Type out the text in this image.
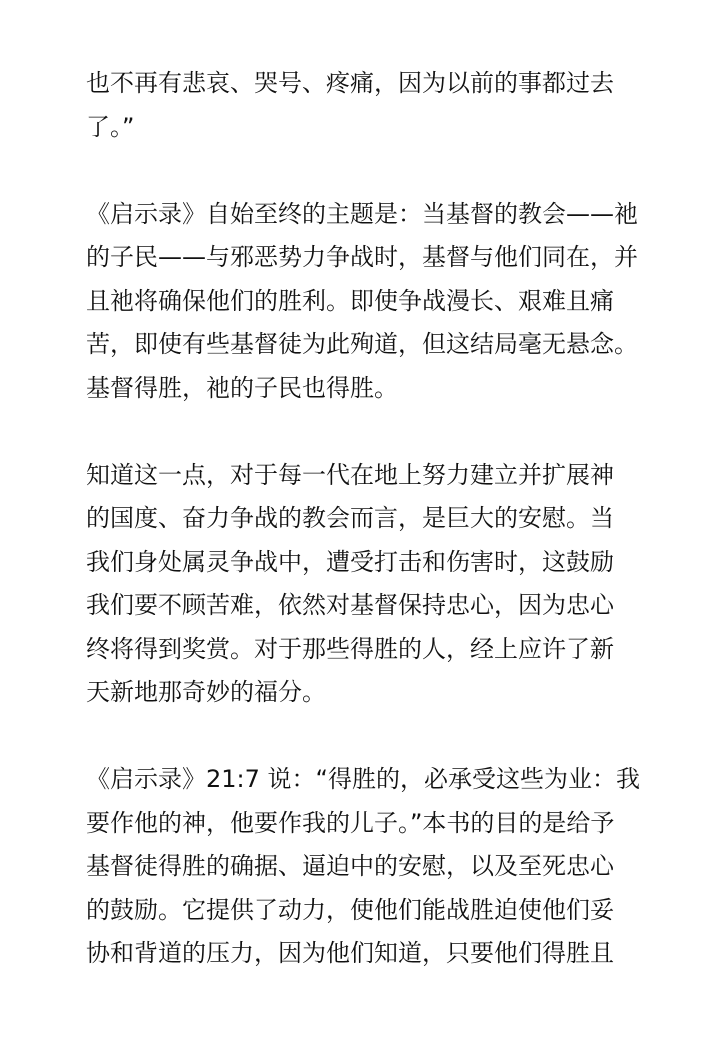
也不再有悲哀、哭号、疼痛，因为以前的事都过去
了。”

《启示录》自始至终的主题是：当基督的教会——祂
的子民——与邪恶势力争战时，基督与他们同在，并
且祂将确保他们的胜利。即使争战漫长、艰难且痛
苦，即使有些基督徒为此殉道，但这结局毫无悬念。
基督得胜，祂的子民也得胜。

知道这一点，对于每一代在地上努力建立并扩展神
的国度、奋力争战的教会而言，是巨大的安慰。当
我们身处属灵争战中，遭受打击和伤害时，这鼓励
我们要不顾苦难，依然对基督保持忠心，因为忠心
终将得到奖赏。对于那些得胜的人，经上应许了新
天新地那奇妙的福分。

《启示录》21:7 说：“得胜的，必承受这些为业：我
要作他的神，他要作我的儿子。”本书的目的是给予
基督徒得胜的确据、逼迫中的安慰，以及至死忠心
的鼓励。它提供了动力，使他们能战胜迫使他们妥
协和背道的压力，因为他们知道，只要他们得胜且
